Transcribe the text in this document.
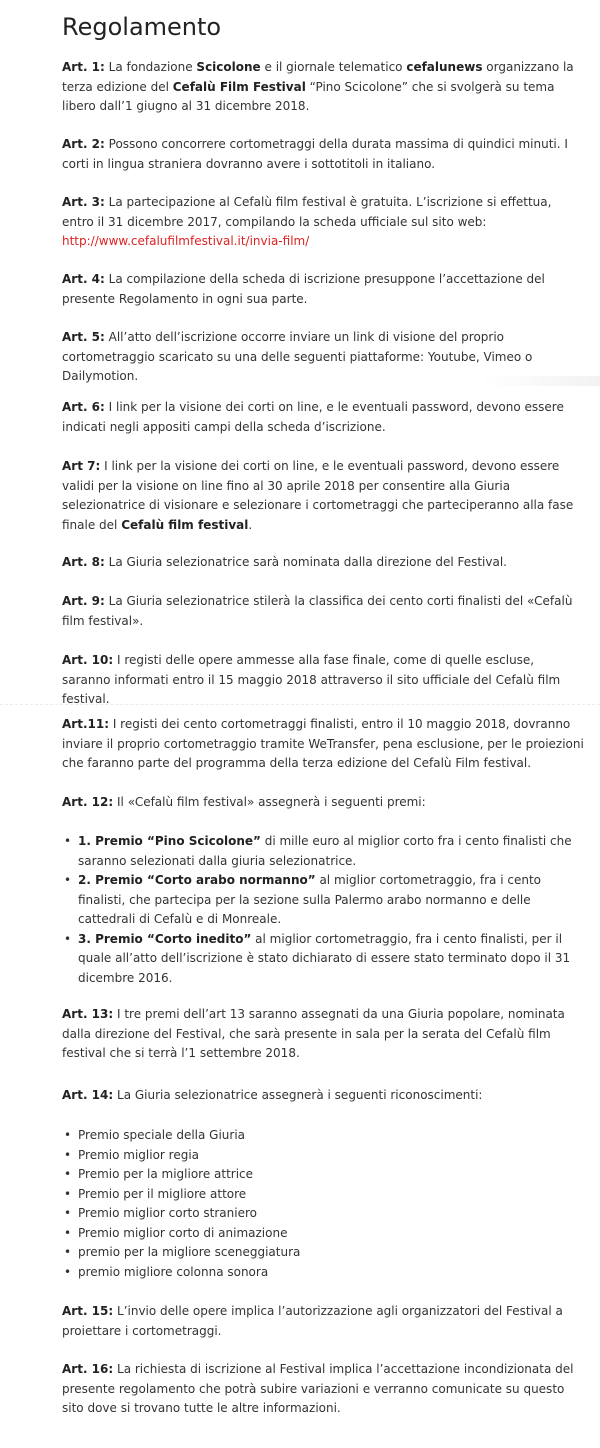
Regolamento

Art. 1: La fondazione Scicolone e il giornale telematico cefalunews organizzano la terza edizione del Cefalù Film Festival “Pino Scicolone” che si svolgerà su tema libero dall’1 giugno al 31 dicembre 2018.

Art. 2: Possono concorrere cortometraggi della durata massima di quindici minuti. I corti in lingua straniera dovranno avere i sottotitoli in italiano.

Art. 3: La partecipazione al Cefalù film festival è gratuita. L’iscrizione si effettua, entro il 31 dicembre 2017, compilando la scheda ufficiale sul sito web: http://www.cefalufilmfestival.it/invia-film/

Art. 4: La compilazione della scheda di iscrizione presuppone l’accettazione del presente Regolamento in ogni sua parte.

Art. 5: All’atto dell’iscrizione occorre inviare un link di visione del proprio cortometraggio scaricato su una delle seguenti piattaforme: Youtube, Vimeo o Dailymotion.

Art. 6: I link per la visione dei corti on line, e le eventuali password, devono essere indicati negli appositi campi della scheda d’iscrizione.

Art 7: I link per la visione dei corti on line, e le eventuali password, devono essere validi per la visione on line fino al 30 aprile 2018 per consentire alla Giuria selezionatrice di visionare e selezionare i cortometraggi che parteciperanno alla fase finale del Cefalù film festival.

Art. 8: La Giuria selezionatrice sarà nominata dalla direzione del Festival.

Art. 9: La Giuria selezionatrice stilerà la classifica dei cento corti finalisti del «Cefalù film festival».

Art. 10: I registi delle opere ammesse alla fase finale, come di quelle escluse, saranno informati entro il 15 maggio 2018 attraverso il sito ufficiale del Cefalù film festival.

Art.11: I registi dei cento cortometraggi finalisti, entro il 10 maggio 2018, dovranno inviare il proprio cortometraggio tramite WeTransfer, pena esclusione, per le proiezioni che faranno parte del programma della terza edizione del Cefalù Film festival.

Art. 12: Il «Cefalù film festival» assegnerà i seguenti premi:

• 1. Premio “Pino Scicolone” di mille euro al miglior corto fra i cento finalisti che saranno selezionati dalla giuria selezionatrice.
• 2. Premio “Corto arabo normanno” al miglior cortometraggio, fra i cento finalisti, che partecipa per la sezione sulla Palermo arabo normanno e delle cattedrali di Cefalù e di Monreale.
• 3. Premio “Corto inedito” al miglior cortometraggio, fra i cento finalisti, per il quale all’atto dell’iscrizione è stato dichiarato di essere stato terminato dopo il 31 dicembre 2016.

Art. 13: I tre premi dell’art 13 saranno assegnati da una Giuria popolare, nominata dalla direzione del Festival, che sarà presente in sala per la serata del Cefalù film festival che si terrà l’1 settembre 2018.

Art. 14: La Giuria selezionatrice assegnerà i seguenti riconoscimenti:

• Premio speciale della Giuria
• Premio miglior regia
• Premio per la migliore attrice
• Premio per il migliore attore
• Premio miglior corto straniero
• Premio miglior corto di animazione
• premio per la migliore sceneggiatura
• premio migliore colonna sonora

Art. 15: L’invio delle opere implica l’autorizzazione agli organizzatori del Festival a proiettare i cortometraggi.

Art. 16: La richiesta di iscrizione al Festival implica l’accettazione incondizionata del presente regolamento che potrà subire variazioni e verranno comunicate su questo sito dove si trovano tutte le altre informazioni.
